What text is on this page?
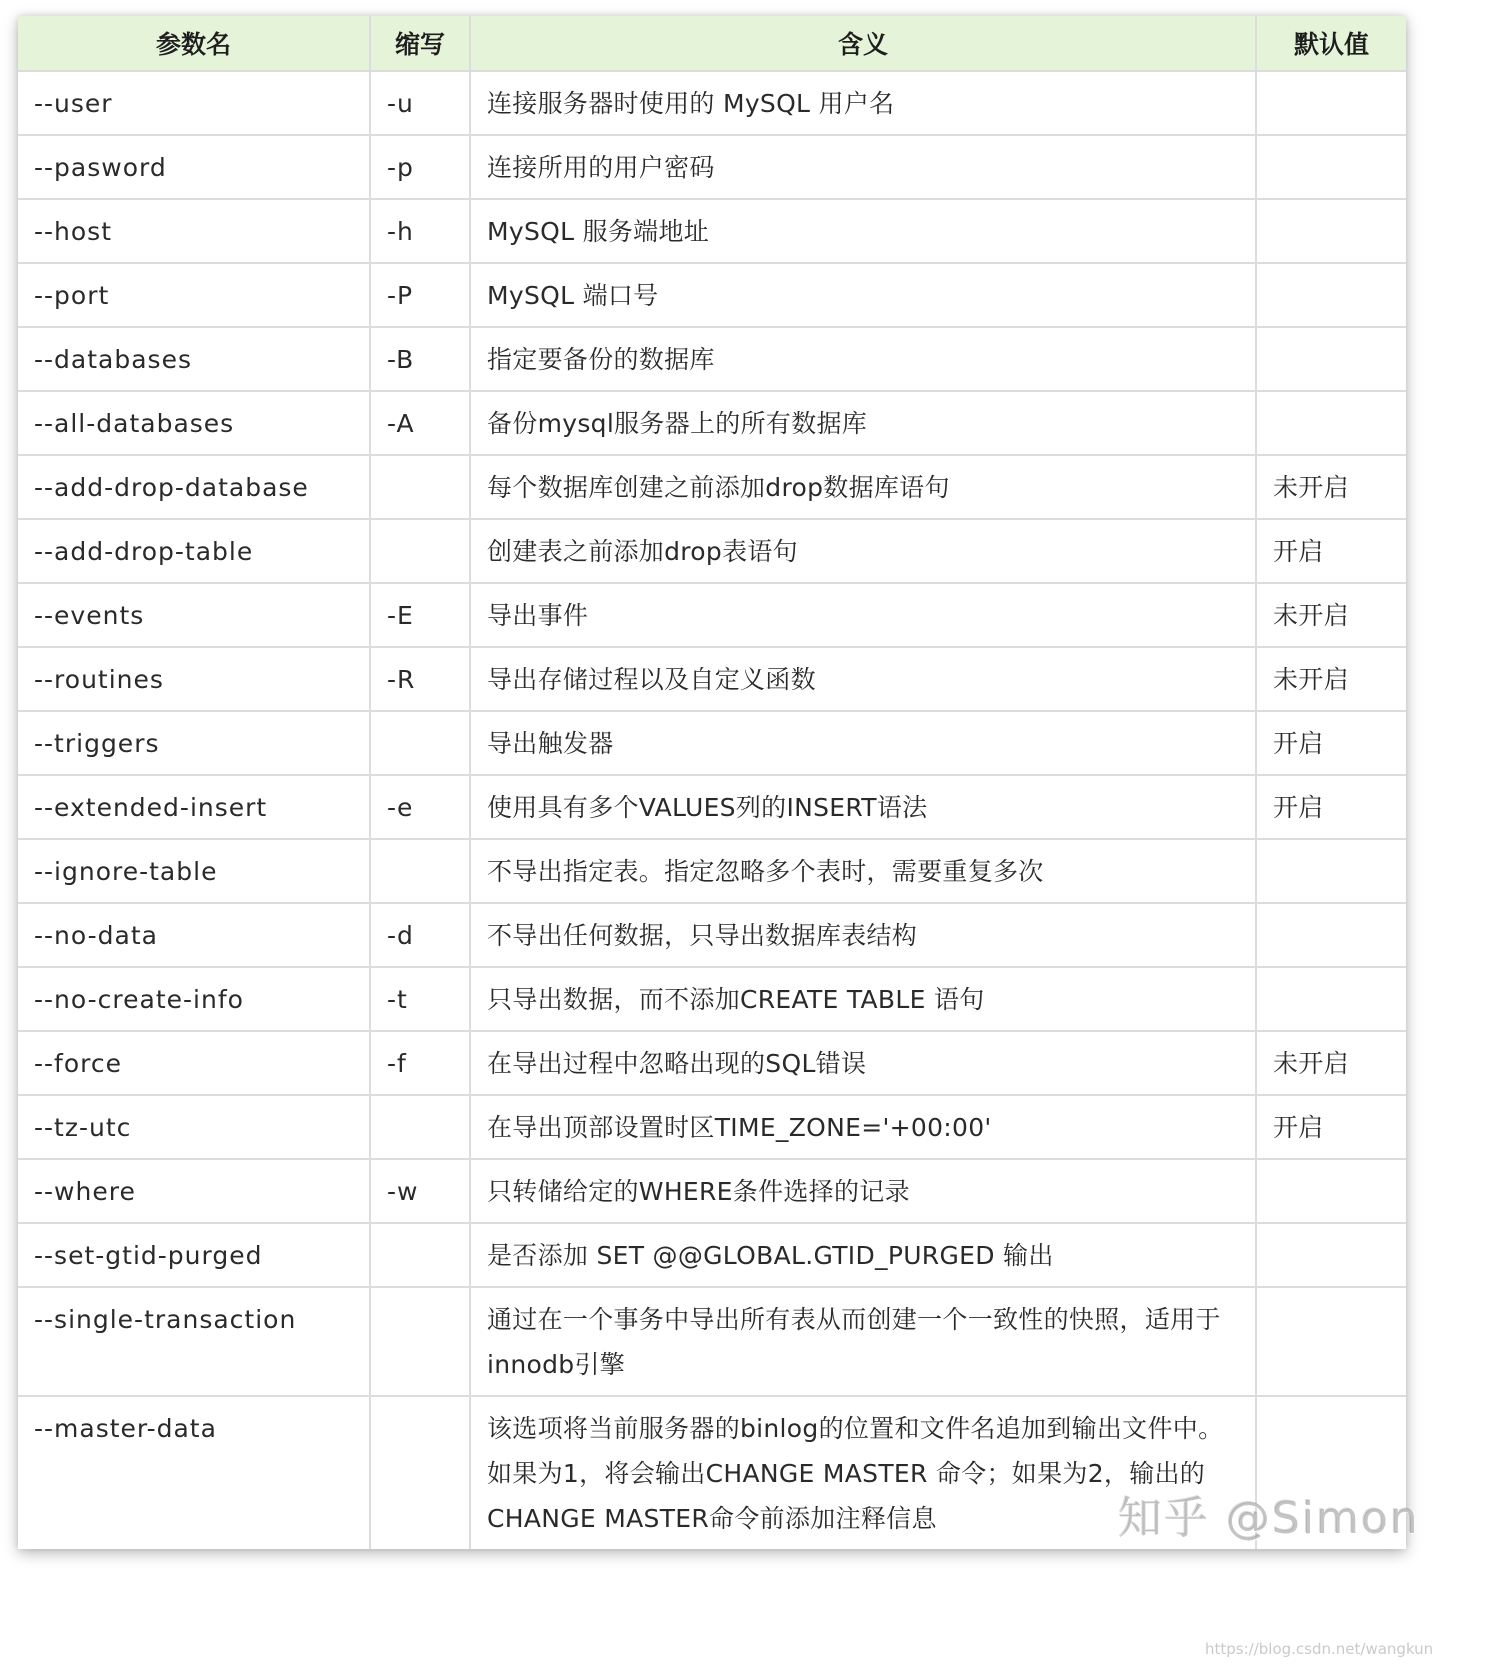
参数名	缩写	含义	默认值
--user	-u	连接服务器时使用的 MySQL 用户名	
--pasword	-p	连接所用的用户密码	
--host	-h	MySQL 服务端地址	
--port	-P	MySQL 端口号	
--databases	-B	指定要备份的数据库	
--all-databases	-A	备份mysql服务器上的所有数据库	
--add-drop-database		每个数据库创建之前添加drop数据库语句	未开启
--add-drop-table		创建表之前添加drop表语句	开启
--events	-E	导出事件	未开启
--routines	-R	导出存储过程以及自定义函数	未开启
--triggers		导出触发器	开启
--extended-insert	-e	使用具有多个VALUES列的INSERT语法	开启
--ignore-table		不导出指定表。指定忽略多个表时，需要重复多次	
--no-data	-d	不导出任何数据，只导出数据库表结构	
--no-create-info	-t	只导出数据，而不添加CREATE TABLE 语句	
--force	-f	在导出过程中忽略出现的SQL错误	未开启
--tz-utc		在导出顶部设置时区TIME_ZONE='+00:00'	开启
--where	-w	只转储给定的WHERE条件选择的记录	
--set-gtid-purged		是否添加 SET @@GLOBAL.GTID_PURGED 输出	
--single-transaction		通过在一个事务中导出所有表从而创建一个一致性的快照，适用于innodb引擎	
--master-data		该选项将当前服务器的binlog的位置和文件名追加到输出文件中。如果为1，将会输出CHANGE MASTER 命令；如果为2，输出的CHANGE MASTER命令前添加注释信息		知乎 @Simon
https://blog.csdn.net/wangkun
